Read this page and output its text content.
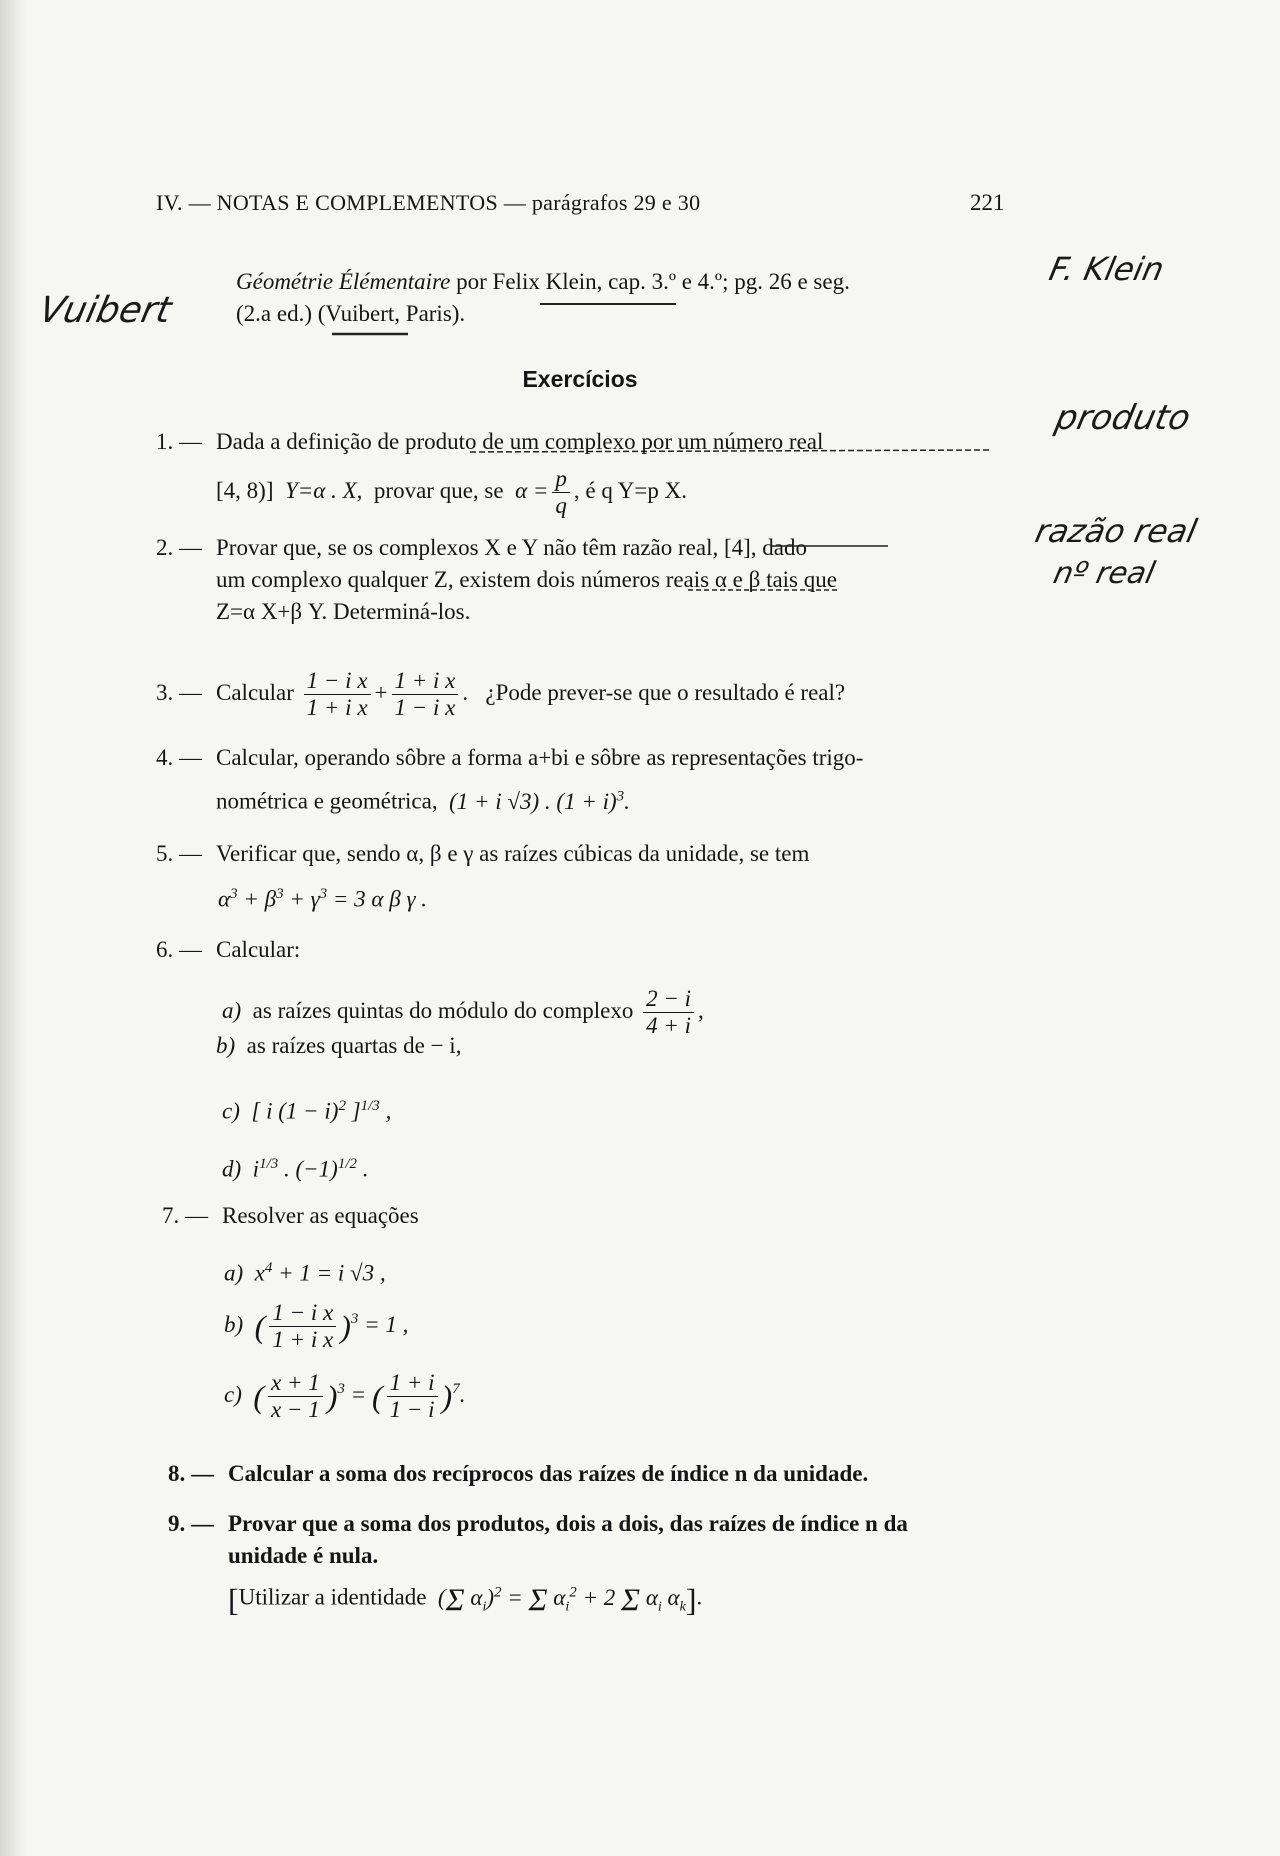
IV. — NOTAS E COMPLEMENTOS — parágrafos 29 e 30	221
Géométrie Élémentaire por Felix Klein, cap. 3.º e 4.º; pg. 26 e seg.
(2.a ed.) (Vuibert, Paris).
Exercícios
1. — Dada a definição de produto de um complexo por um número real
[4, 8)]  Y=α . X,  provar que, se  $\alpha = \frac{p}{q}$ , é q Y=p X.
2. — Provar que, se os complexos X e Y não têm razão real, [4], dado
um complexo qualquer Z, existem dois números reais α e β tais que
Z=α X+β Y. Determiná-los.
3. — Calcular $\frac{\text{1 − i x}}{\text{1 + i x}} + \frac{\text{1 + i x}}{\text{1 − i x}}$ .   ¿Pode prever-se que o resultado é real?
4. — Calcular, operando sôbre a forma a+bi e sôbre as representações trigo-
nométrica e geométrica,  (1 + i √3) . $(1 + i)^3$.
5. — Verificar que, sendo α, β e γ as raízes cúbicas da unidade, se tem
$\alpha^3 + \beta^3 + \gamma^3 = 3$ α β γ .
6. — Calcular:
a) as raízes quintas do módulo do complexo $\frac{2 - i}{4 + i}$ ,
b) as raízes quartas de − i,
c)  [ i $(1 - i)^2$ ]$^{1/3}$ ,
d)  $i^{1/3}$ . $(-1)^{1/2}$ .
7. — Resolver as equações
a)  $x^4 + 1 = i$ √3 ,
b)  ( $\frac{\text{1 − i x}}{\text{1 + i x}} )^3 = 1$ ,
c)  ( $\frac{x + 1}{x - 1} )^3$ = ( $\frac{1 + i}{1 - i} )^7$.
8. — Calcular a soma dos recíprocos das raízes de índice n da unidade.
9. — Provar que a soma dos produtos, dois a dois, das raízes de índice n da
unidade é nula.
[Utilizar a identidade  (Σ $\alpha_i)^2 = \Sigma$ $\alpha_i^2 + 2$ Σ $\alpha_i$ $\alpha_k$].
Vuibert
F. Klein
produto
razão real
nº real
